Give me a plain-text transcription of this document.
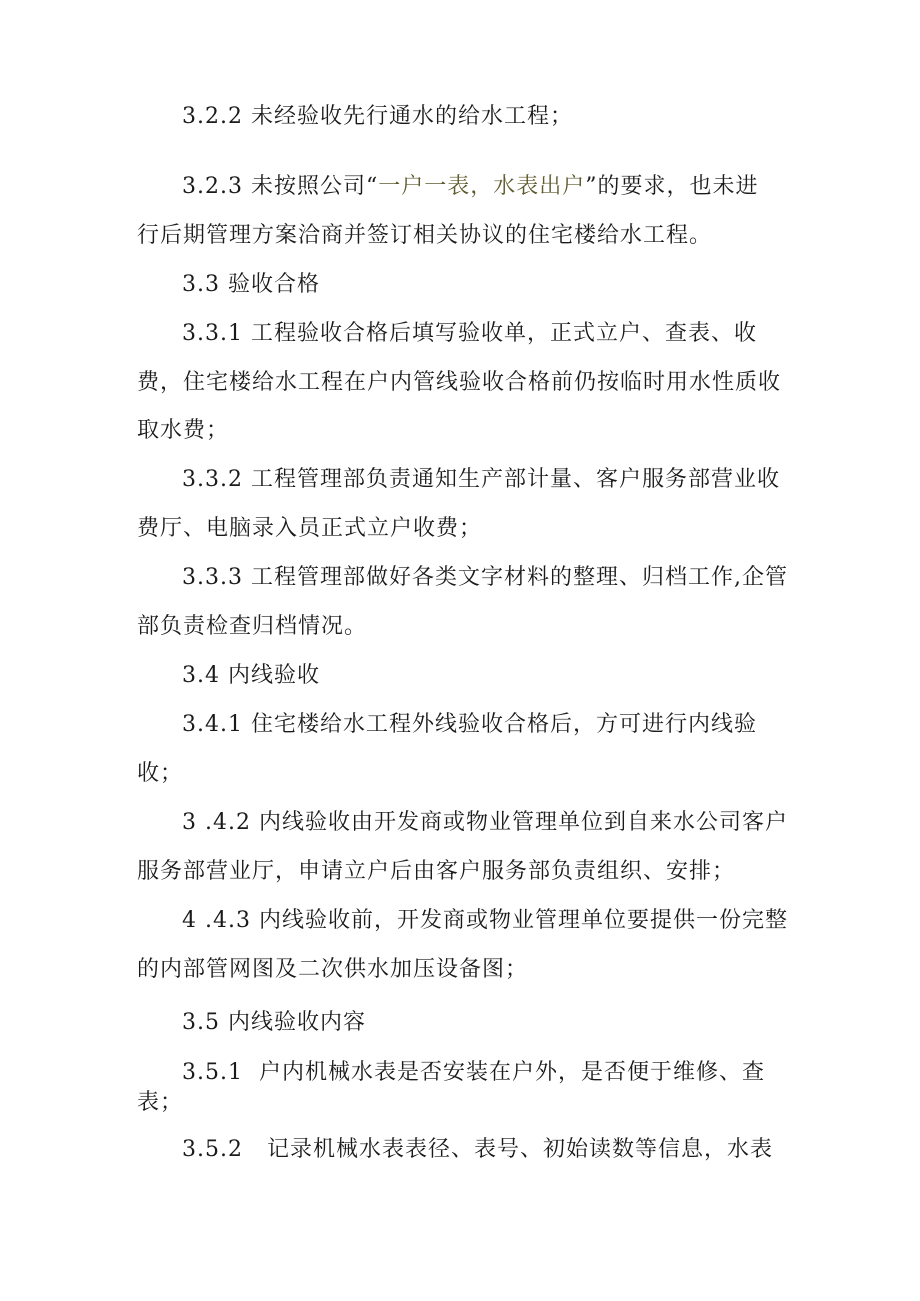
3.2.2 未经验收先行通水的给水工程；
3.2.3 未按照公司“一户一表，水表出户”的要求，也未进
行后期管理方案洽商并签订相关协议的住宅楼给水工程。
3.3 验收合格
3.3.1 工程验收合格后填写验收单，正式立户、查表、收
费，住宅楼给水工程在户内管线验收合格前仍按临时用水性质收
取水费；
3.3.2 工程管理部负责通知生产部计量、客户服务部营业收
费厅、电脑录入员正式立户收费；
3.3.3 工程管理部做好各类文字材料的整理、归档工作,企管
部负责检查归档情况。
3.4 内线验收
3.4.1 住宅楼给水工程外线验收合格后，方可进行内线验
收；
3 .4.2 内线验收由开发商或物业管理单位到自来水公司客户
服务部营业厅，申请立户后由客户服务部负责组织、安排；
4 .4.3 内线验收前，开发商或物业管理单位要提供一份完整
的内部管网图及二次供水加压设备图；
3.5 内线验收内容
3.5.1  户内机械水表是否安装在户外，是否便于维修、查
表；
3.5.2   记录机械水表表径、表号、初始读数等信息，水表
